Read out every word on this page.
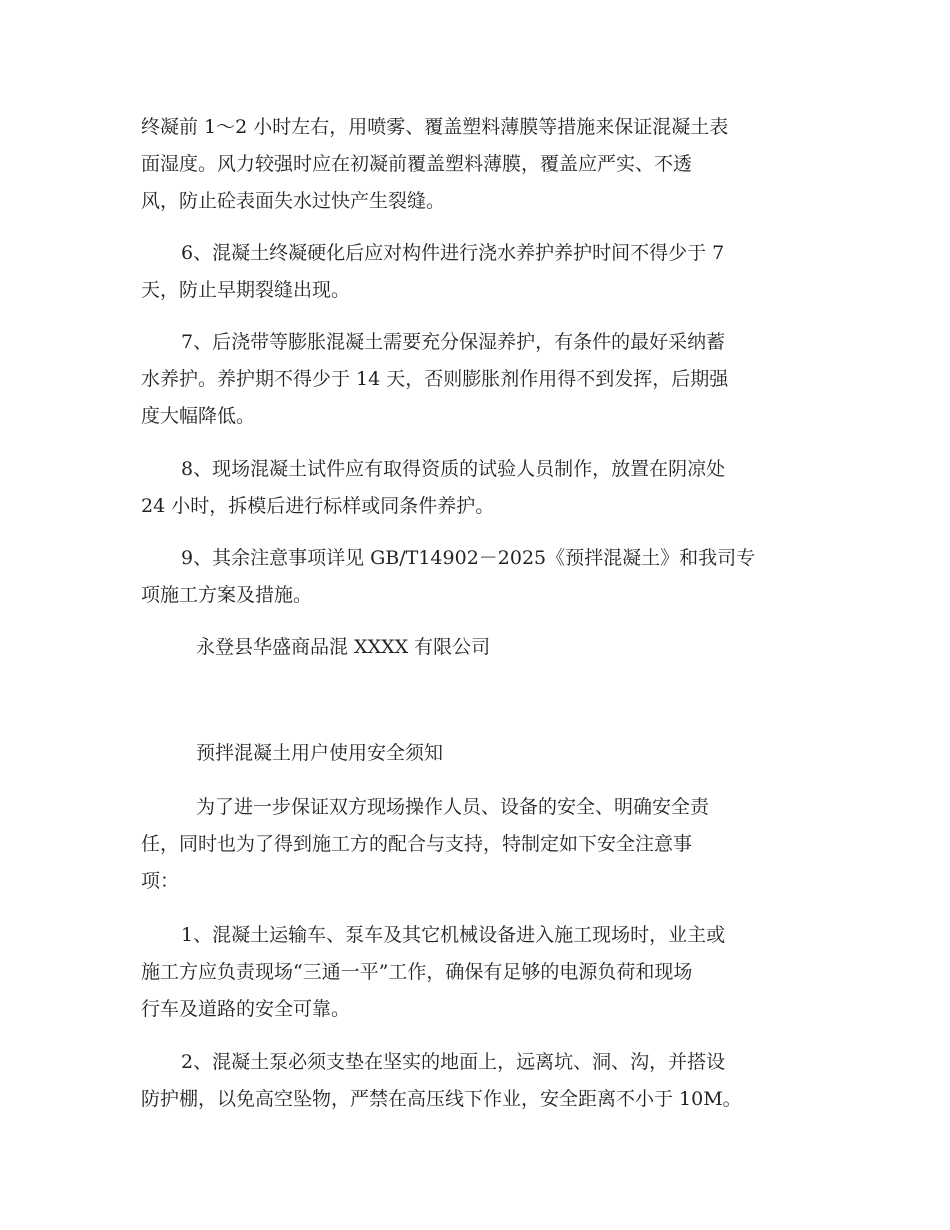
终凝前 1～2 小时左右，用喷雾、覆盖塑料薄膜等措施来保证混凝土表
面湿度。风力较强时应在初凝前覆盖塑料薄膜，覆盖应严实、不透
风，防止砼表面失水过快产生裂缝。
6、混凝土终凝硬化后应对构件进行浇水养护养护时间不得少于 7
天，防止早期裂缝出现。
7、后浇带等膨胀混凝土需要充分保湿养护，有条件的最好采纳蓄
水养护。养护期不得少于 14 天，否则膨胀剂作用得不到发挥，后期强
度大幅降低。
8、现场混凝土试件应有取得资质的试验人员制作，放置在阴凉处
24 小时，拆模后进行标样或同条件养护。
9、其余注意事项详见 GB/T14902－2025《预拌混凝土》和我司专
项施工方案及措施。
永登县华盛商品混 XXXX 有限公司
预拌混凝土用户使用安全须知
为了进一步保证双方现场操作人员、设备的安全、明确安全责
任，同时也为了得到施工方的配合与支持，特制定如下安全注意事
项：
1、混凝土运输车、泵车及其它机械设备进入施工现场时，业主或
施工方应负责现场“三通一平”工作，确保有足够的电源负荷和现场
行车及道路的安全可靠。
2、混凝土泵必须支垫在坚实的地面上，远离坑、洞、沟，并搭设
防护棚，以免高空坠物，严禁在高压线下作业，安全距离不小于 10M。
